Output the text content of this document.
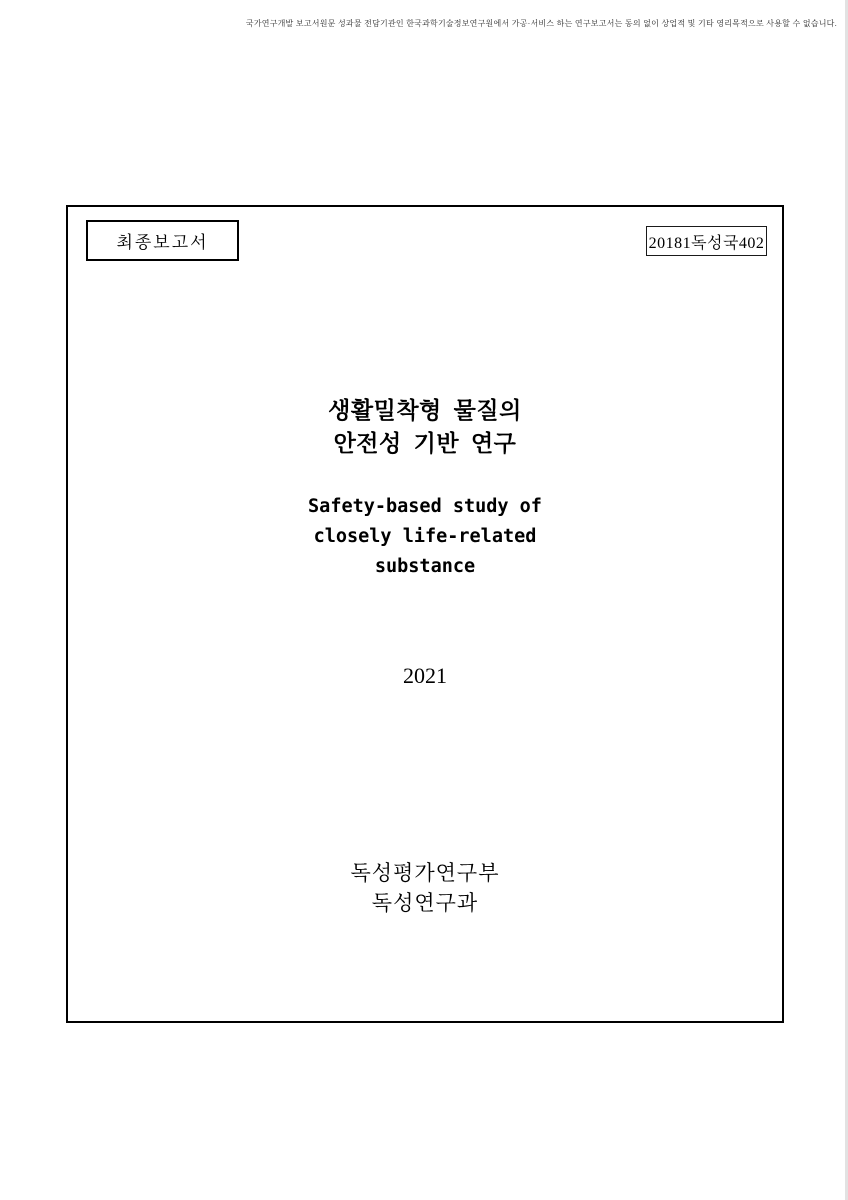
국가연구개발 보고서원문 성과물 전담기관인 한국과학기술정보연구원에서 가공·서비스 하는 연구보고서는 동의 없이 상업적 및 기타 영리목적으로 사용할 수 없습니다.
최종보고서	20181독성국402
생활밀착형 물질의
안전성 기반 연구
Safety-based study of
closely life-related
substance
2021
독성평가연구부
독성연구과
